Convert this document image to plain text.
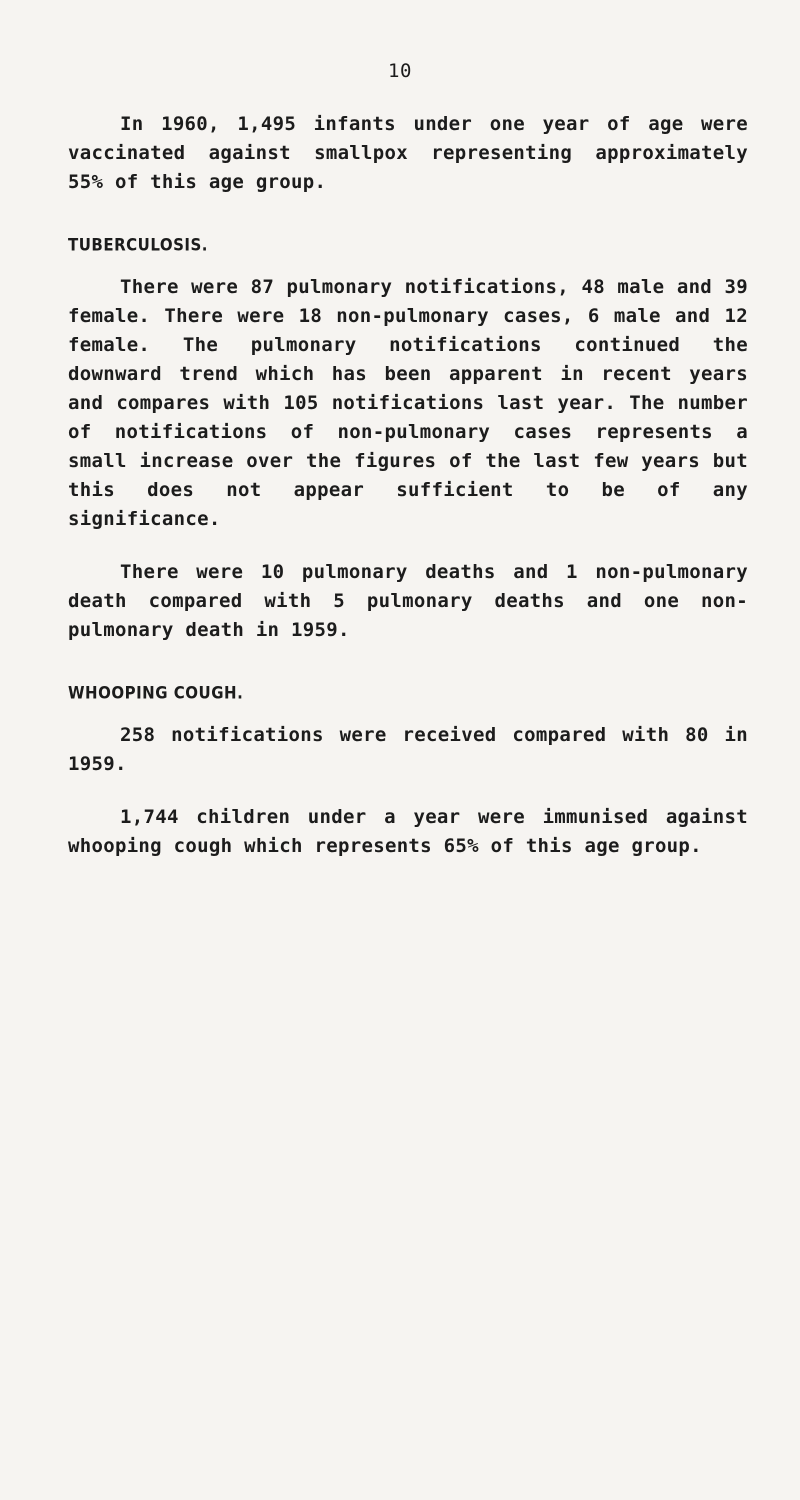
10

In 1960, 1,495 infants under one year of age were vaccinated against smallpox representing approximately 55% of this age group.

TUBERCULOSIS.

There were 87 pulmonary notifications, 48 male and 39 female. There were 18 non-pulmonary cases, 6 male and 12 female. The pulmonary notifications continued the downward trend which has been apparent in recent years and compares with 105 notifications last year. The number of notifications of non-pulmonary cases represents a small increase over the figures of the last few years but this does not appear sufficient to be of any significance.

There were 10 pulmonary deaths and 1 non-pulmonary death compared with 5 pulmonary deaths and one non-pulmonary death in 1959.

WHOOPING COUGH.

258 notifications were received compared with 80 in 1959.

1,744 children under a year were immunised against whooping cough which represents 65% of this age group.
